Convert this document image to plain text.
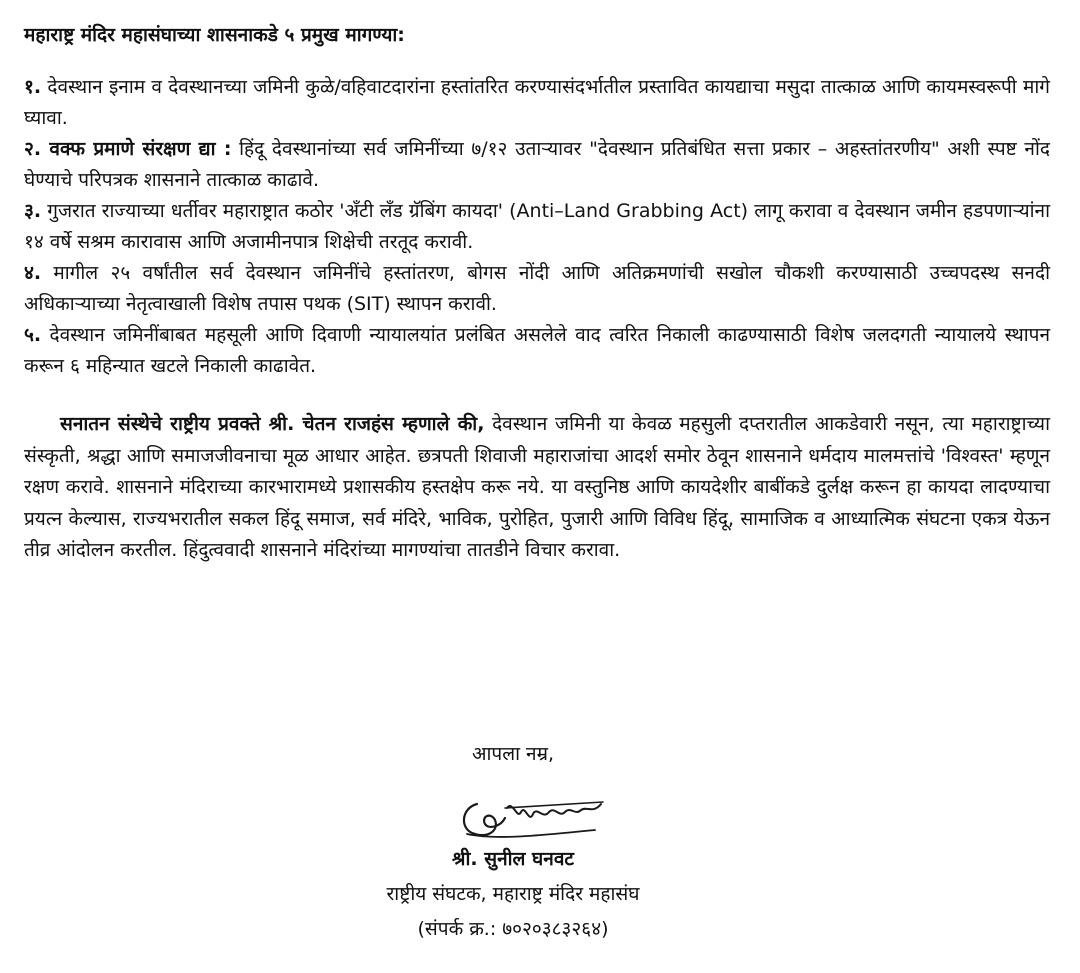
महाराष्ट्र मंदिर महासंघाच्या शासनाकडे ५ प्रमुख मागण्या:

१. देवस्थान इनाम व देवस्थानच्या जमिनी कुळे/वहिवाटदारांना हस्तांतरित करण्यासंदर्भातील प्रस्तावित कायद्याचा मसुदा तात्काळ आणि कायमस्वरूपी मागे घ्यावा.

२. वक्फ प्रमाणे संरक्षण द्या : हिंदू देवस्थानांच्या सर्व जमिनींच्या ७/१२ उताऱ्यावर "देवस्थान प्रतिबंधित सत्ता प्रकार – अहस्तांतरणीय" अशी स्पष्ट नोंद घेण्याचे परिपत्रक शासनाने तात्काळ काढावे.

३. गुजरात राज्याच्या धर्तीवर महाराष्ट्रात कठोर 'अँटी लँड ग्रॅबिंग कायदा' (Anti–Land Grabbing Act) लागू करावा व देवस्थान जमीन हडपणाऱ्यांना १४ वर्षे सश्रम कारावास आणि अजामीनपात्र शिक्षेची तरतूद करावी.

४. मागील २५ वर्षांतील सर्व देवस्थान जमिनींचे हस्तांतरण, बोगस नोंदी आणि अतिक्रमणांची सखोल चौकशी करण्यासाठी उच्चपदस्थ सनदी अधिकाऱ्याच्या नेतृत्वाखाली विशेष तपास पथक (SIT) स्थापन करावी.

५. देवस्थान जमिनींबाबत महसूली आणि दिवाणी न्यायालयांत प्रलंबित असलेले वाद त्वरित निकाली काढण्यासाठी विशेष जलदगती न्यायालये स्थापन करून ६ महिन्यात खटले निकाली काढावेत.

सनातन संस्थेचे राष्ट्रीय प्रवक्ते श्री. चेतन राजहंस म्हणाले की, देवस्थान जमिनी या केवळ महसुली दप्तरातील आकडेवारी नसून, त्या महाराष्ट्राच्या संस्कृती, श्रद्धा आणि समाजजीवनाचा मूळ आधार आहेत. छत्रपती शिवाजी महाराजांचा आदर्श समोर ठेवून शासनाने धर्मदाय मालमत्तांचे 'विश्वस्त' म्हणून रक्षण करावे. शासनाने मंदिराच्या कारभारामध्ये प्रशासकीय हस्तक्षेप करू नये. या वस्तुनिष्ठ आणि कायदेशीर बाबींकडे दुर्लक्ष करून हा कायदा लादण्याचा प्रयत्न केल्यास, राज्यभरातील सकल हिंदू समाज, सर्व मंदिरे, भाविक, पुरोहित, पुजारी आणि विविध हिंदू, सामाजिक व आध्यात्मिक संघटना एकत्र येऊन तीव्र आंदोलन करतील. हिंदुत्ववादी शासनाने मंदिरांच्या मागण्यांचा तातडीने विचार करावा.

आपला नम्र,
श्री. सुनील घनवट
राष्ट्रीय संघटक, महाराष्ट्र मंदिर महासंघ
(संपर्क क्र.: ७०२०३८३२६४)
